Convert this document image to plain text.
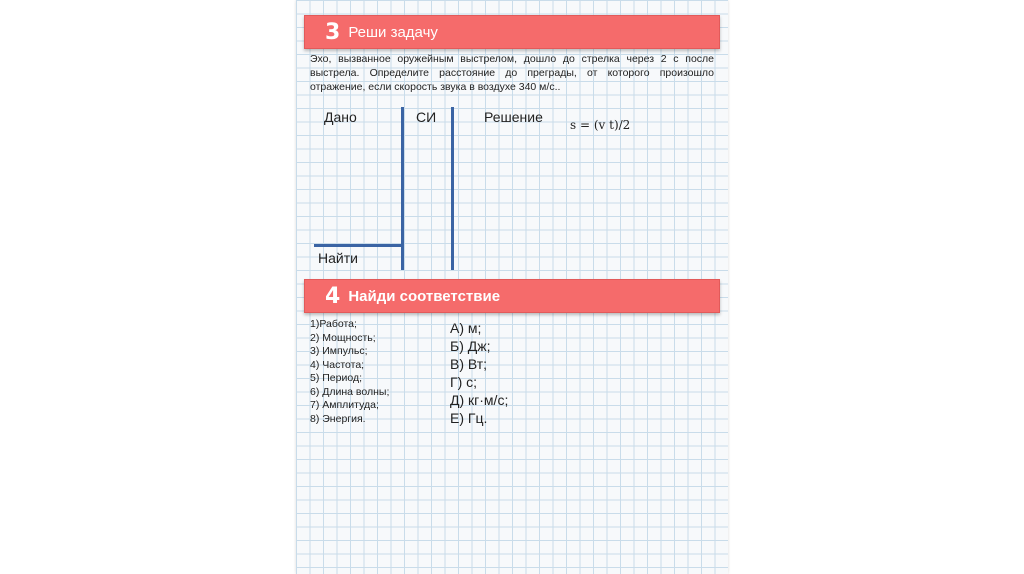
3 Реши задачу
Эхо, вызванное оружейным выстрелом, дошло до стрелка через 2 с после выстрела. Определите расстояние до преграды, от которого произошло отражение, если скорость звука в воздухе 340 м/с..
Дано	СИ	Решение s = (v t)/2
Найти
4 Найди соответствие
1)Работа;
2) Мощность;
3) Импульс;
4) Частота;
5) Период;
6) Длина волны;
7) Амплитуда;
8) Энергия.
А) м;
Б) Дж;
В) Вт;
Г) с;
Д) кг·м/с;
Е) Гц.
